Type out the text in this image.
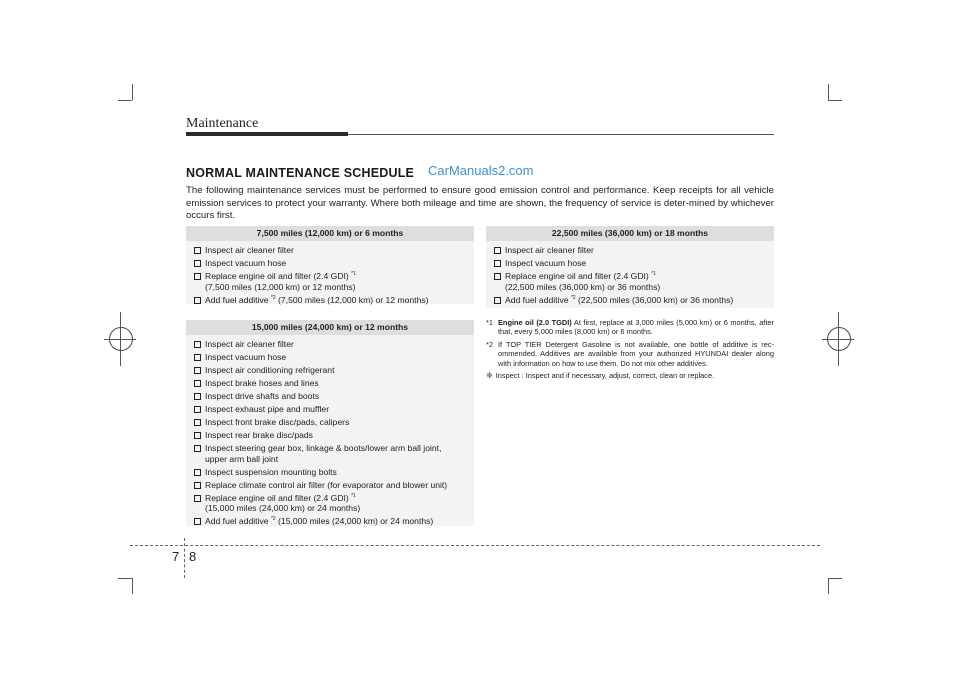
Maintenance
NORMAL MAINTENANCE SCHEDULE CarManuals2.com
The following maintenance services must be performed to ensure good emission control and performance. Keep receipts for all vehicle emission services to protect your warranty. Where both mileage and time are shown, the frequency of service is deter-mined by whichever occurs first.
7,500 miles (12,000 km) or 6 months
Inspect air cleaner filter
Inspect vacuum hose
Replace engine oil and filter (2.4 GDI) $^{*1}$
(7,500 miles (12,000 km) or 12 months)
Add fuel additive $^{*2}$ (7,500 miles (12,000 km) or 12 months)
15,000 miles (24,000 km) or 12 months
Inspect air cleaner filter
Inspect vacuum hose
Inspect air conditioning refrigerant
Inspect brake hoses and lines
Inspect drive shafts and boots
Inspect exhaust pipe and muffler
Inspect front brake disc/pads, calipers
Inspect rear brake disc/pads
Inspect steering gear box, linkage & boots/lower arm ball joint,
upper arm ball joint
Inspect suspension mounting bolts
Replace climate control air filter (for evaporator and blower unit)
Replace engine oil and filter (2.4 GDI) $^{*1}$
(15,000 miles (24,000 km) or 24 months)
Add fuel additive $^{*2}$ (15,000 miles (24,000 km) or 24 months)
22,500 miles (36,000 km) or 18 months
Inspect air cleaner filter
Inspect vacuum hose
Replace engine oil and filter (2.4 GDI) $^{*1}$
(22,500 miles (36,000 km) or 36 months)
Add fuel additive $^{*2}$ (22,500 miles (36,000 km) or 36 months)
*1 Engine oil (2.0 TGDI) At first, replace at 3,000 miles (5,000 km) or 6 months, after that, every 5,000 miles (8,000 km) or 6 months.
*2 If TOP TIER Detergent Gasoline is not available, one bottle of additive is rec-ommended. Additives are available from your authorized HYUNDAI dealer along with information on how to use them. Do not mix other additives.
❈ Inspect : Inspect and if necessary, adjust, correct, clean or replace.
7 8
